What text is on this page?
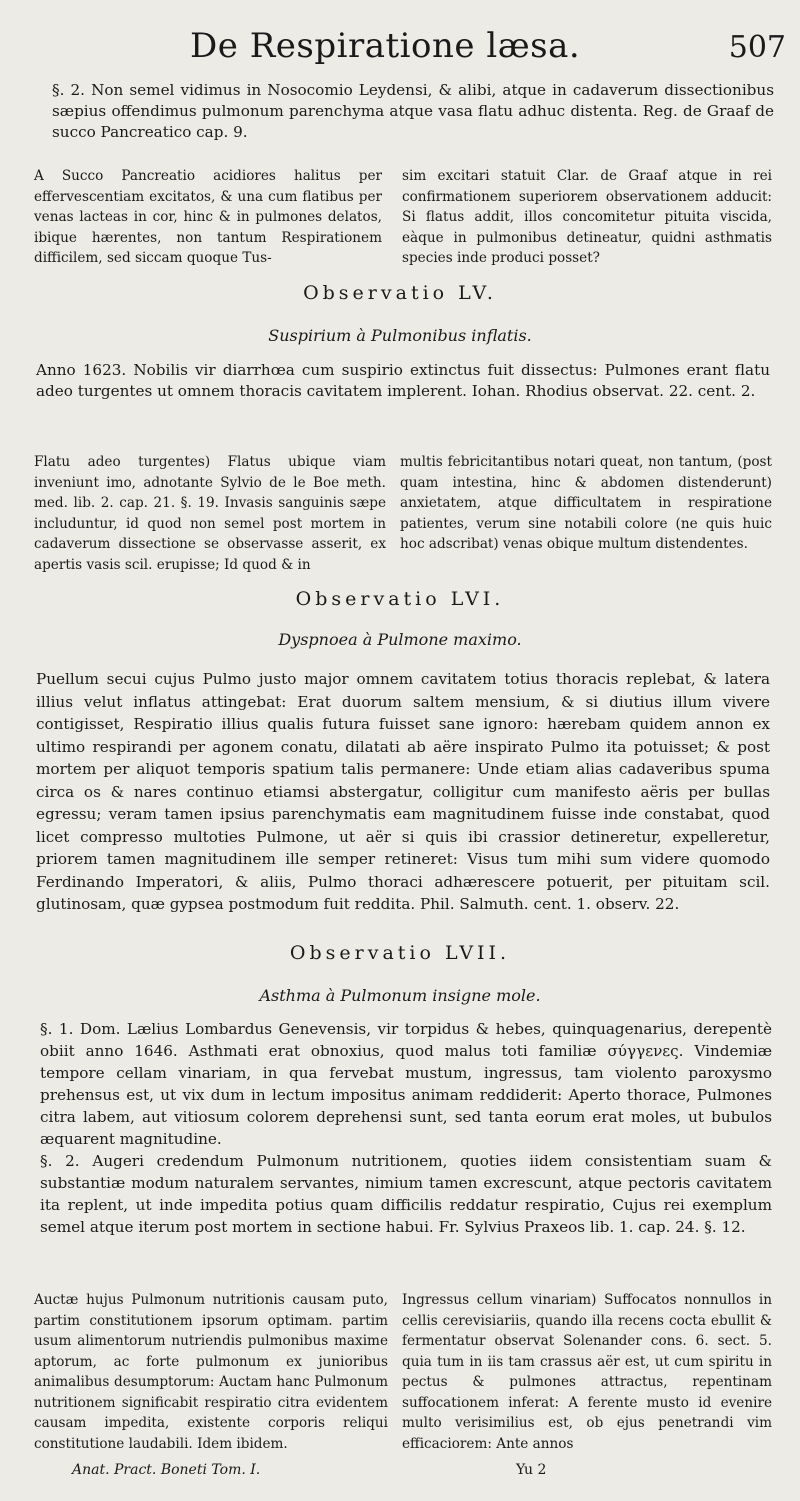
De Respiratione læsa.	507

§. 2. Non semel vidimus in Nosocomio Leydensi, & alibi, atque in cadaverum dissectionibus sæpius offendimus pulmonum parenchyma atque vasa flatu adhuc distenta. Reg. de Graaf de succo Pancreatico cap. 9.

A Succo Pancreatio acidiores halitus per effervescentiam excitatos, & una cum flatibus per venas lacteas in cor, hinc & in pulmones delatos, ibique hærentes, non tantum Respirationem difficilem, sed siccam quoque Tus-

sim excitari statuit Clar. de Graaf atque in rei confirmationem superiorem observationem adducit: Si flatus addit, illos concomitetur pituita viscida, eàque in pulmonibus detineatur, quidni asthmatis species inde produci posset?

Observatio LV.
Suspirium à Pulmonibus inflatis.

Anno 1623. Nobilis vir diarrhœa cum suspirio extinctus fuit dissectus: Pulmones erant flatu adeo turgentes ut omnem thoracis cavitatem implerent. Iohan. Rhodius observat. 22. cent. 2.

Flatu adeo turgentes) Flatus ubique viam inveniunt imo, adnotante Sylvio de le Boe meth. med. lib. 2. cap. 21. §. 19. Invasis sanguinis sæpe includuntur, id quod non semel post mortem in cadaverum dissectione se observasse asserit, ex apertis vasis scil. erupisse; Id quod & in

multis febricitantibus notari queat, non tantum, (post quam intestina, hinc & abdomen distenderunt) anxietatem, atque difficultatem in respiratione patientes, verum sine notabili colore (ne quis huic hoc adscribat) venas obique multum distendentes.

Observatio LVI.
Dyspnoea à Pulmone maximo.

Puellum secui cujus Pulmo justo major omnem cavitatem totius thoracis replebat, & latera illius velut inflatus attingebat: Erat duorum saltem mensium, & si diutius illum vivere contigisset, Respiratio illius qualis futura fuisset sane ignoro: hærebam quidem annon ex ultimo respirandi per agonem conatu, dilatati ab aëre inspirato Pulmo ita potuisset; & post mortem per aliquot temporis spatium talis permanere: Unde etiam alias cadaveribus spuma circa os & nares continuo etiamsi abstergatur, colligitur cum manifesto aëris per bullas egressu; veram tamen ipsius parenchymatis eam magnitudinem fuisse inde constabat, quod licet compresso multoties Pulmone, ut aër si quis ibi crassior detineretur, expelleretur, priorem tamen magnitudinem ille semper retineret: Visus tum mihi sum videre quomodo Ferdinando Imperatori, & aliis, Pulmo thoraci adhærescere potuerit, per pituitam scil. glutinosam, quæ gypsea postmodum fuit reddita. Phil. Salmuth. cent. 1. observ. 22.

Observatio LVII.
Asthma à Pulmonum insigne mole.

§. 1. Dom. Lælius Lombardus Genevensis, vir torpidus & hebes, quinquagenarius, derepentè obiit anno 1646. Asthmati erat obnoxius, quod malus toti familiæ σύγγενες. Vindemiæ tempore cellam vinariam, in qua fervebat mustum, ingressus, tam violento paroxysmo prehensus est, ut vix dum in lectum impositus animam reddiderit: Aperto thorace, Pulmones citra labem, aut vitiosum colorem deprehensi sunt, sed tanta eorum erat moles, ut bubulos æquarent magnitudine.

§. 2. Augeri credendum Pulmonum nutritionem, quoties iidem consistentiam suam & substantiæ modum naturalem servantes, nimium tamen excrescunt, atque pectoris cavitatem ita replent, ut inde impedita potius quam difficilis reddatur respiratio, Cujus rei exemplum semel atque iterum post mortem in sectione habui. Fr. Sylvius Praxeos lib. 1. cap. 24. §. 12.

Auctæ hujus Pulmonum nutritionis causam puto, partim constitutionem ipsorum optimam. partim usum alimentorum nutriendis pulmonibus maxime aptorum, ac forte pulmonum ex junioribus animalibus desumptorum: Auctam hanc Pulmonum nutritionem significabit respiratio citra evidentem causam impedita, existente corporis reliqui constitutione laudabili. Idem ibidem.

Ingressus cellum vinariam) Suffocatos nonnullos in cellis cerevisiariis, quando illa recens cocta ebullit & fermentatur observat Solenander cons. 6. sect. 5. quia tum in iis tam crassus aër est, ut cum spiritu in pectus & pulmones attractus, repentinam suffocationem inferat: A ferente musto id evenire multo verisimilius est, ob ejus penetrandi vim efficaciorem: Ante annos

Anat. Pract. Boneti Tom. I.	Yu 2
